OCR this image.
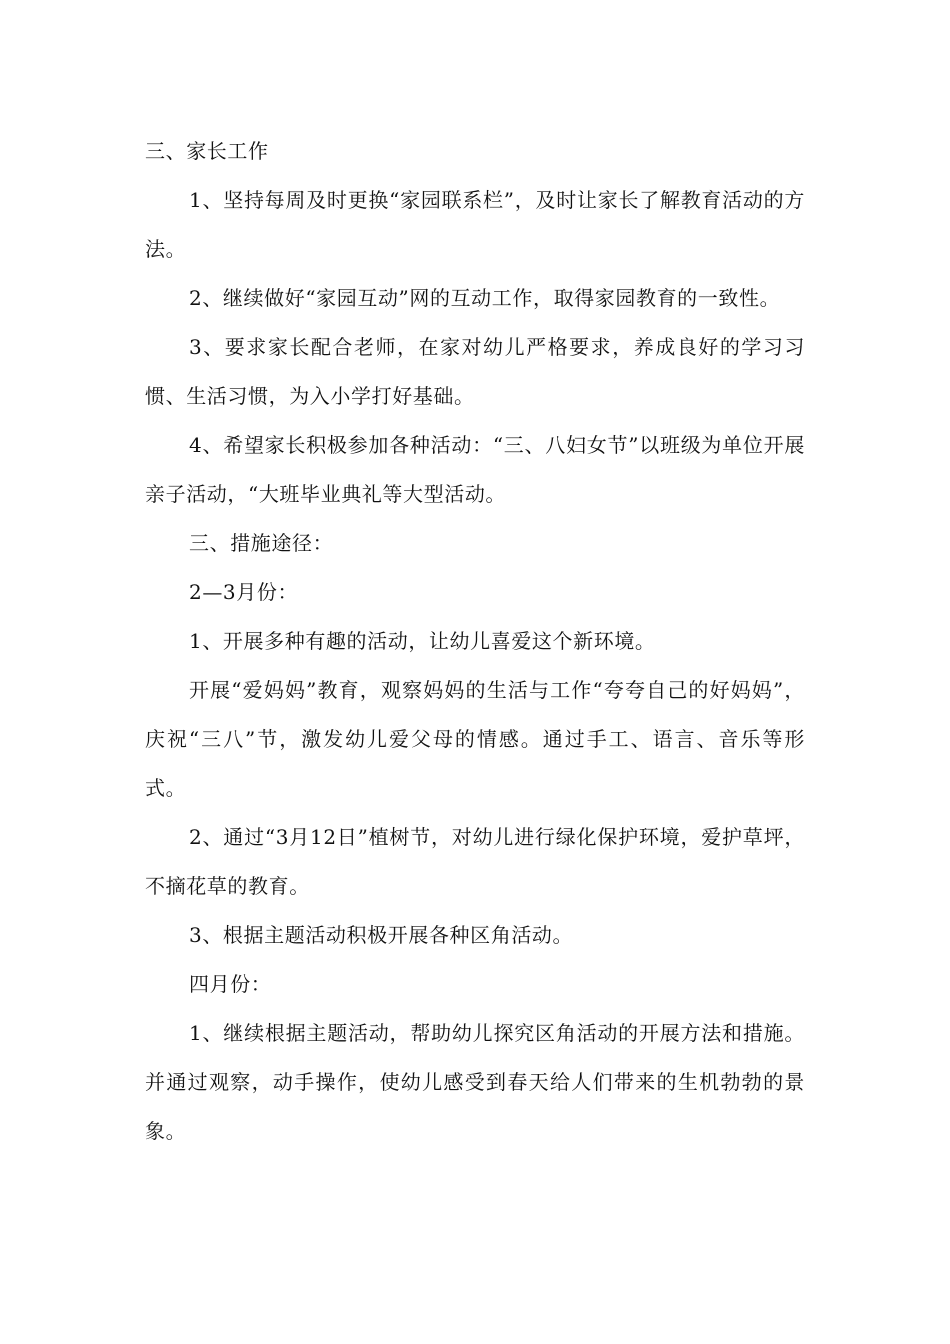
三、家长工作

1、坚持每周及时更换“家园联系栏”，及时让家长了解教育活动的方法。

2、继续做好“家园互动”网的互动工作，取得家园教育的一致性。

3、要求家长配合老师，在家对幼儿严格要求，养成良好的学习习惯、生活习惯，为入小学打好基础。

4、希望家长积极参加各种活动：“三、八妇女节”以班级为单位开展亲子活动，“大班毕业典礼等大型活动。

三、措施途径：

2—3月份：

1、开展多种有趣的活动，让幼儿喜爱这个新环境。

开展“爱妈妈”教育，观察妈妈的生活与工作“夸夸自己的好妈妈”，庆祝“三八”节，激发幼儿爱父母的情感。通过手工、语言、音乐等形式。

2、通过“3月12日”植树节，对幼儿进行绿化保护环境，爱护草坪，不摘花草的教育。

3、根据主题活动积极开展各种区角活动。

四月份：

1、继续根据主题活动，帮助幼儿探究区角活动的开展方法和措施。并通过观察，动手操作，使幼儿感受到春天给人们带来的生机勃勃的景象。
